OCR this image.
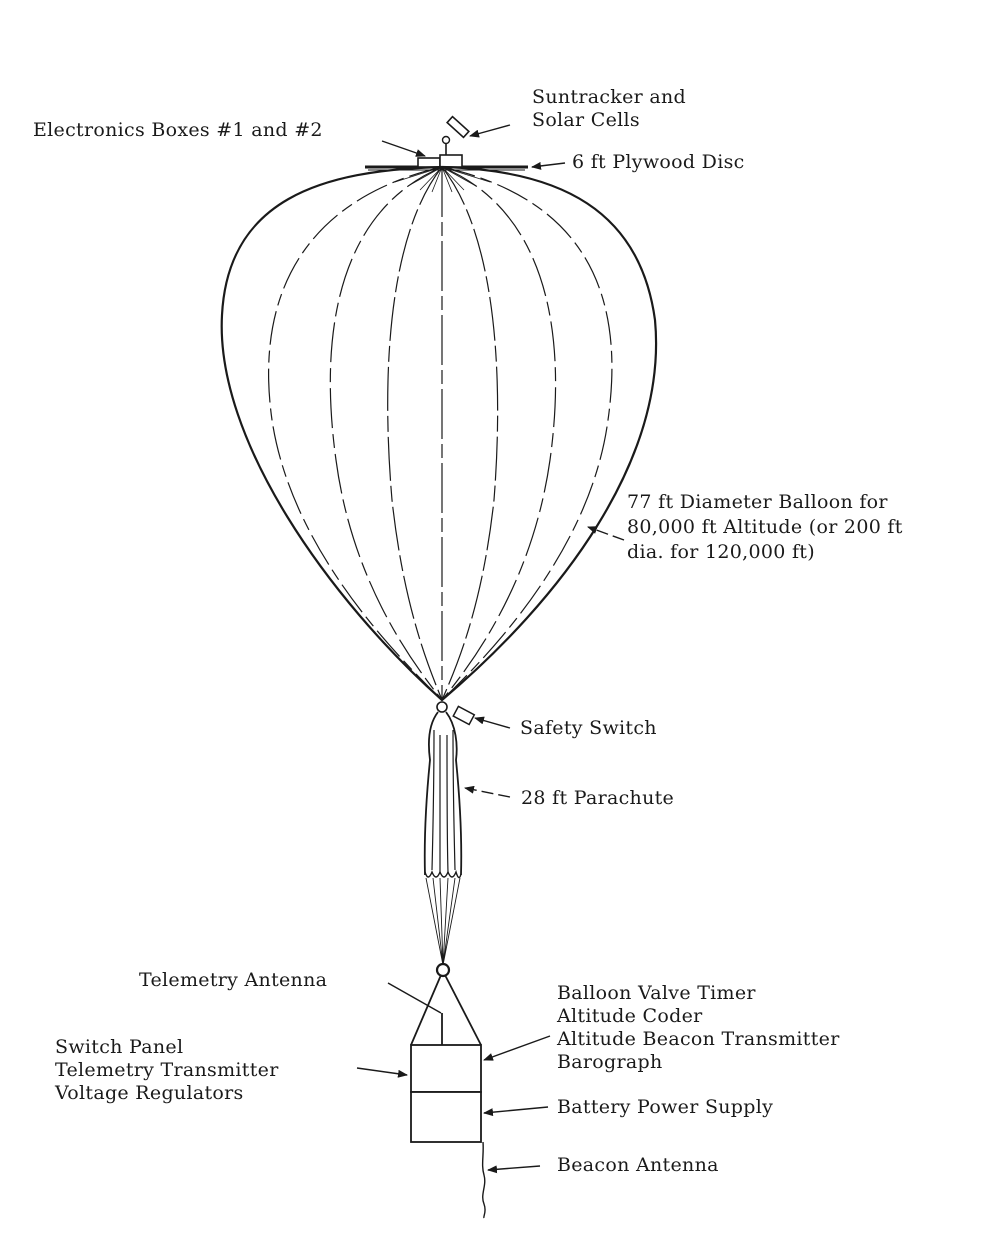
Suntracker and
Solar Cells
Electronics Boxes #1 and #2
6 ft Plywood Disc
77 ft Diameter Balloon for
80,000 ft Altitude (or 200 ft
dia. for 120,000 ft)
Safety Switch
28 ft Parachute
Telemetry Antenna
Balloon Valve Timer
Altitude Coder
Altitude Beacon Transmitter
Barograph
Switch Panel
Telemetry Transmitter
Voltage Regulators
Battery Power Supply
Beacon Antenna
